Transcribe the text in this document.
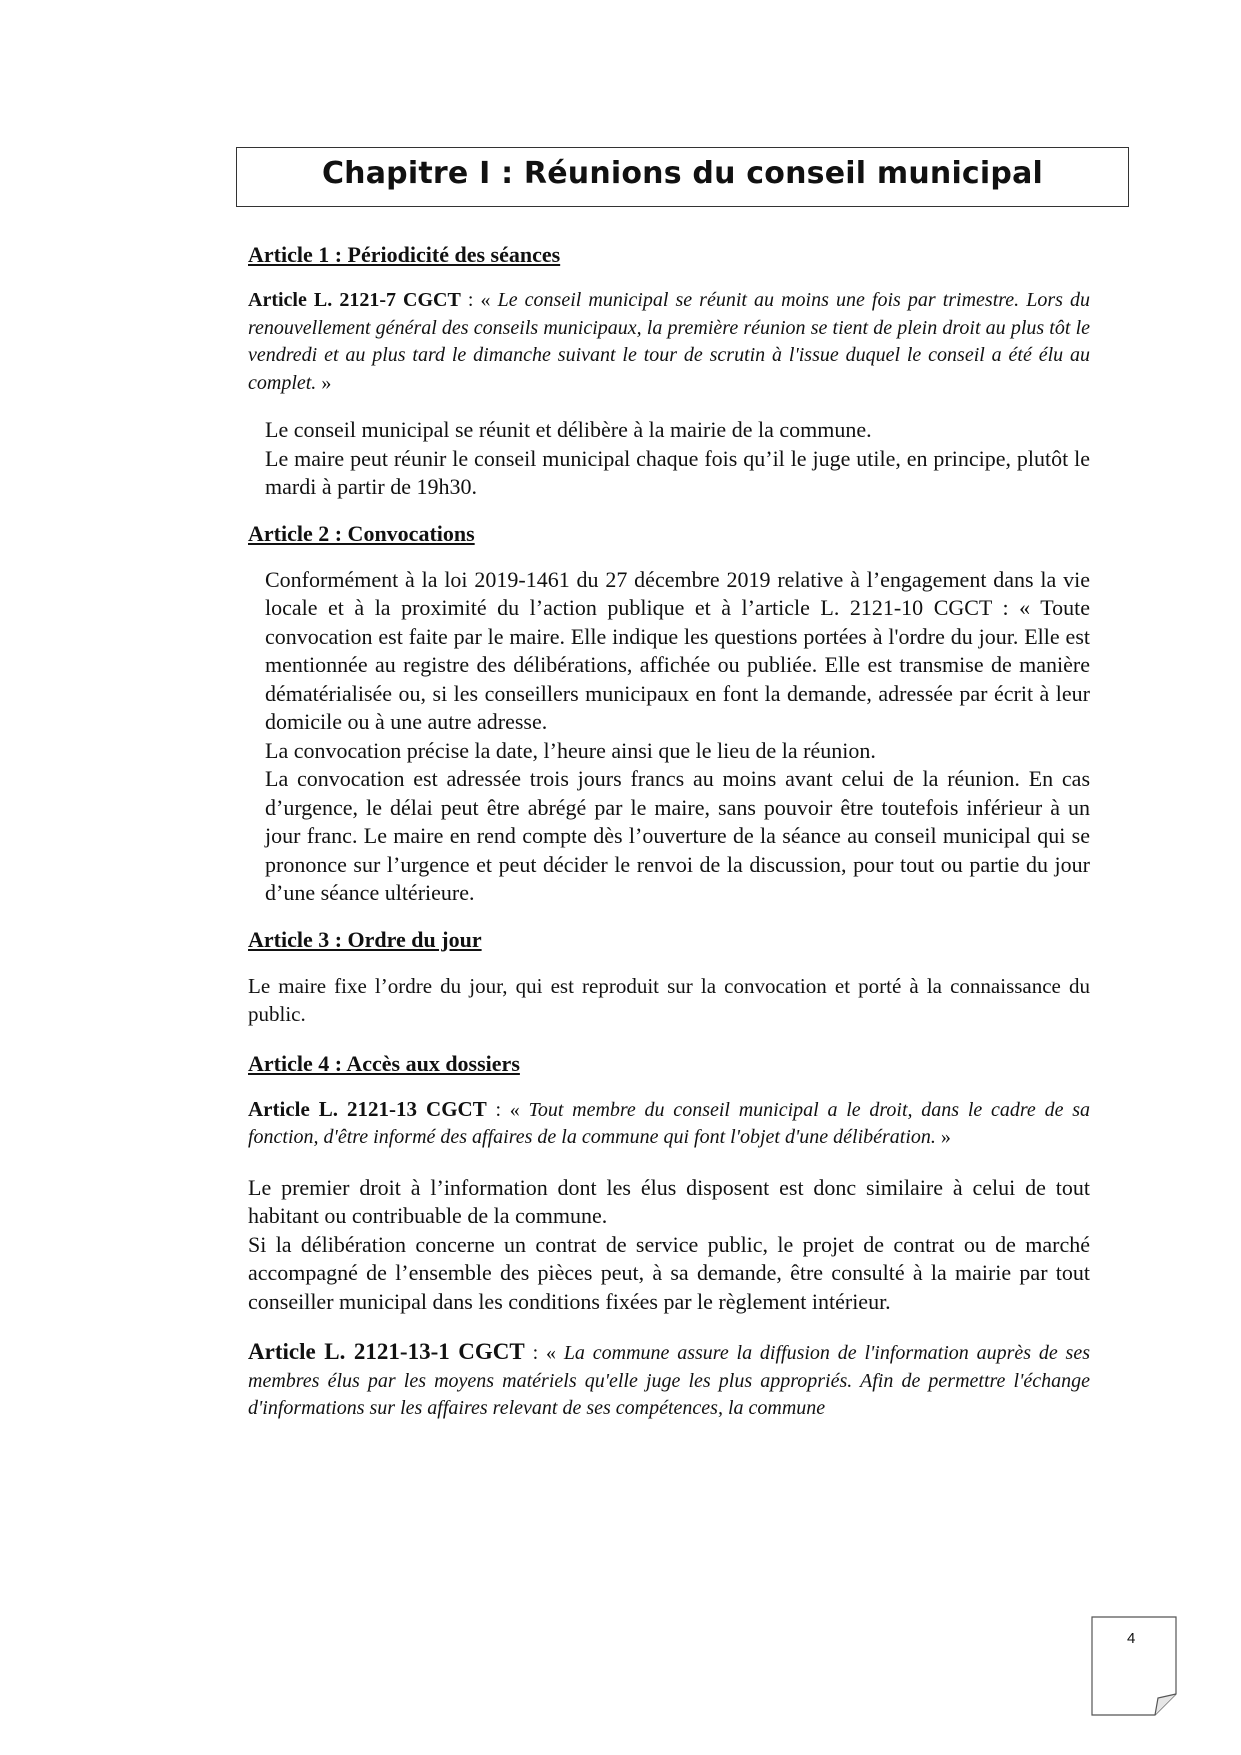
Chapitre I : Réunions du conseil municipal
Article 1 : Périodicité des séances

Article L. 2121-7 CGCT : « Le conseil municipal se réunit au moins une fois par trimestre. Lors du renouvellement général des conseils municipaux, la première réunion se tient de plein droit au plus tôt le vendredi et au plus tard le dimanche suivant le tour de scrutin à l'issue duquel le conseil a été élu au complet. »

Le conseil municipal se réunit et délibère à la mairie de la commune.

Le maire peut réunir le conseil municipal chaque fois qu’il le juge utile, en principe, plutôt le mardi à partir de 19h30.

Article 2 : Convocations

Conformément à la loi 2019-1461 du 27 décembre 2019 relative à l’engagement dans la vie locale et à la proximité du l’action publique et à l’article L. 2121-10 CGCT : « Toute convocation est faite par le maire. Elle indique les questions portées à l'ordre du jour. Elle est mentionnée au registre des délibérations, affichée ou publiée. Elle est transmise de manière dématérialisée ou, si les conseillers municipaux en font la demande, adressée par écrit à leur domicile ou à une autre adresse.

La convocation précise la date, l’heure ainsi que le lieu de la réunion.

La convocation est adressée trois jours francs au moins avant celui de la réunion. En cas d’urgence, le délai peut être abrégé par le maire, sans pouvoir être toutefois inférieur à un jour franc. Le maire en rend compte dès l’ouverture de la séance au conseil municipal qui se prononce sur l’urgence et peut décider le renvoi de la discussion, pour tout ou partie du jour d’une séance ultérieure.

Article 3 : Ordre du jour

Le maire fixe l’ordre du jour, qui est reproduit sur la convocation et porté à la connaissance du public.

Article 4 : Accès aux dossiers

Article L. 2121-13 CGCT : « Tout membre du conseil municipal a le droit, dans le cadre de sa fonction, d'être informé des affaires de la commune qui font l'objet d'une délibération. »

Le premier droit à l’information dont les élus disposent est donc similaire à celui de tout habitant ou contribuable de la commune.

Si la délibération concerne un contrat de service public, le projet de contrat ou de marché accompagné de l’ensemble des pièces peut, à sa demande, être consulté à la mairie par tout conseiller municipal dans les conditions fixées par le règlement intérieur.

Article L. 2121-13-1 CGCT : « La commune assure la diffusion de l'information auprès de ses membres élus par les moyens matériels qu'elle juge les plus appropriés. Afin de permettre l'échange d'informations sur les affaires relevant de ses compétences, la commune

4
